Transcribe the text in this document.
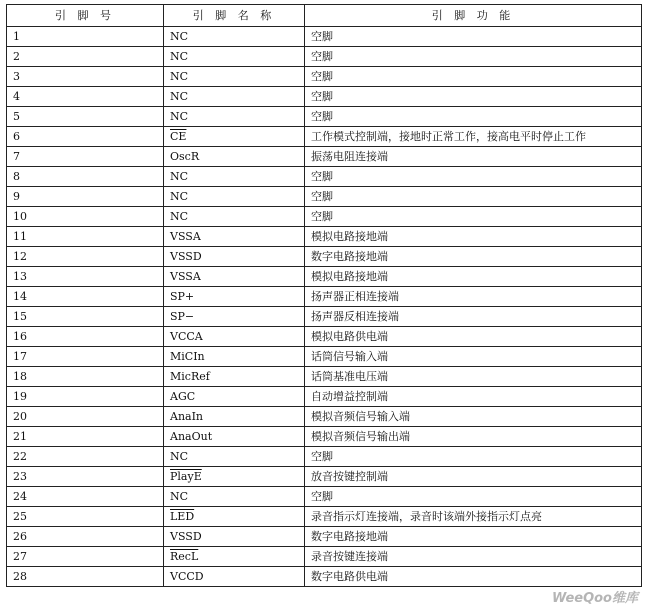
引 脚 号	引 脚 名 称	引 脚 功 能
1	NC	空脚
2	NC	空脚
3	NC	空脚
4	NC	空脚
5	NC	空脚
6	$\overline{CE}$	工作模式控制端，接地时正常工作，接高电平时停止工作
7	OscR	振荡电阻连接端
8	NC	空脚
9	NC	空脚
10	NC	空脚
11	VSSA	模拟电路接地端
12	VSSD	数字电路接地端
13	VSSA	模拟电路接地端
14	SP+	扬声器正相连接端
15	SP−	扬声器反相连接端
16	VCCA	模拟电路供电端
17	MiCIn	话筒信号输入端
18	MicRef	话筒基准电压端
19	AGC	自动增益控制端
20	AnaIn	模拟音频信号输入端
21	AnaOut	模拟音频信号输出端
22	NC	空脚
23	PlayE	放音按键控制端
24	NC	空脚
25	$\overline{LED}$	录音指示灯连接端，录音时该端外接指示灯点亮
26	VSSD	数字电路接地端
27	RecL	录音按键连接端
28	VCCD	数字电路供电端
WeeQoo维库
